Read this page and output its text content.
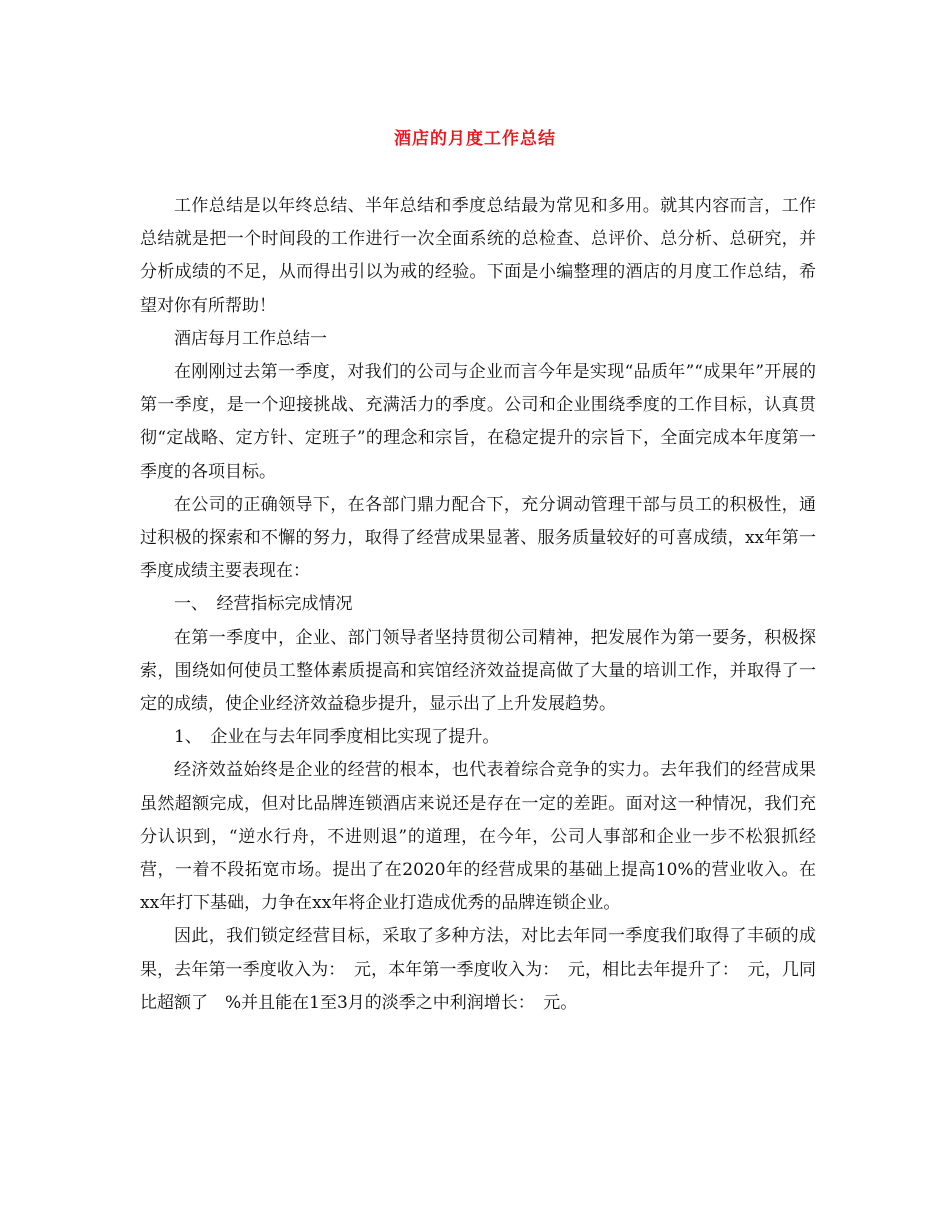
酒店的月度工作总结

工作总结是以年终总结、半年总结和季度总结最为常见和多用。就其内容而言，工作总结就是把一个时间段的工作进行一次全面系统的总检查、总评价、总分析、总研究，并分析成绩的不足，从而得出引以为戒的经验。下面是小编整理的酒店的月度工作总结，希望对你有所帮助！

酒店每月工作总结一

在刚刚过去第一季度，对我们的公司与企业而言今年是实现“品质年”“成果年”开展的第一季度，是一个迎接挑战、充满活力的季度。公司和企业围绕季度的工作目标，认真贯彻“定战略、定方针、定班子”的理念和宗旨，在稳定提升的宗旨下，全面完成本年度第一季度的各项目标。

在公司的正确领导下，在各部门鼎力配合下，充分调动管理干部与员工的积极性，通过积极的探索和不懈的努力，取得了经营成果显著、服务质量较好的可喜成绩，xx年第一季度成绩主要表现在：

一、　经营指标完成情况

在第一季度中，企业、部门领导者坚持贯彻公司精神，把发展作为第一要务，积极探索，围绕如何使员工整体素质提高和宾馆经济效益提高做了大量的培训工作，并取得了一定的成绩，使企业经济效益稳步提升，显示出了上升发展趋势。

1、　企业在与去年同季度相比实现了提升。

经济效益始终是企业的经营的根本，也代表着综合竞争的实力。去年我们的经营成果虽然超额完成，但对比品牌连锁酒店来说还是存在一定的差距。面对这一种情况，我们充分认识到，“逆水行舟，不进则退”的道理，在今年，公司人事部和企业一步不松狠抓经营，一着不段拓宽市场。提出了在2020年的经营成果的基础上提高10%的营业收入。在xx年打下基础，力争在xx年将企业打造成优秀的品牌连锁企业。

因此，我们锁定经营目标，采取了多种方法，对比去年同一季度我们取得了丰硕的成果，去年第一季度收入为：　元，本年第一季度收入为：　元，相比去年提升了：　元，几同比超额了　%并且能在1至3月的淡季之中利润增长：　元。
